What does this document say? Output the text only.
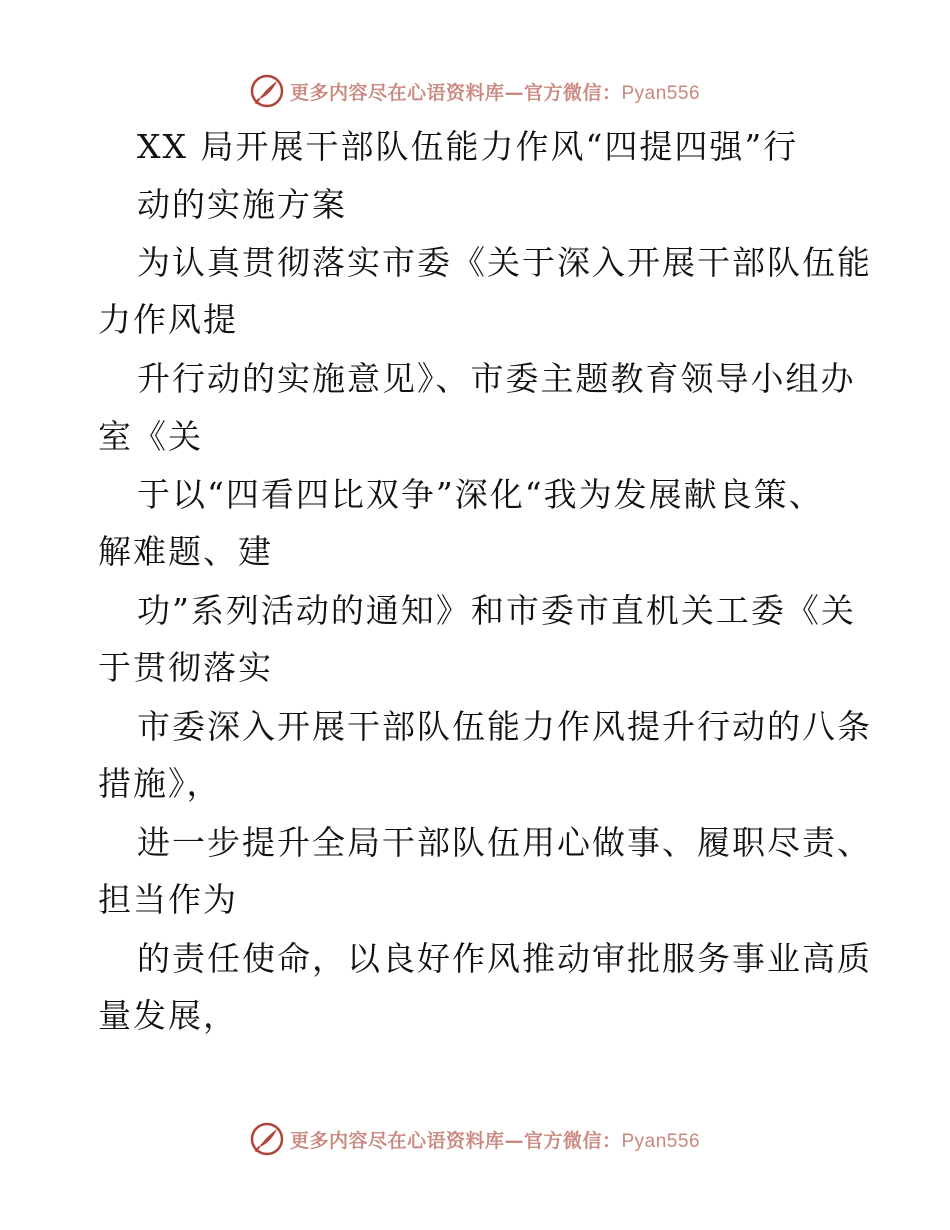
更多内容尽在心语资料库—官方微信：Pyan556
XX 局开展干部队伍能力作风“四提四强”行
动的实施方案
为认真贯彻落实市委《关于深入开展干部队伍能
力作风提
升行动的实施意见》、市委主题教育领导小组办
室《关
于以“四看四比双争”深化“我为发展献良策、
解难题、建
功”系列活动的通知》和市委市直机关工委《关
于贯彻落实
市委深入开展干部队伍能力作风提升行动的八条
措施》，
进一步提升全局干部队伍用心做事、履职尽责、
担当作为
的责任使命，以良好作风推动审批服务事业高质
量发展，
更多内容尽在心语资料库—官方微信：Pyan556
